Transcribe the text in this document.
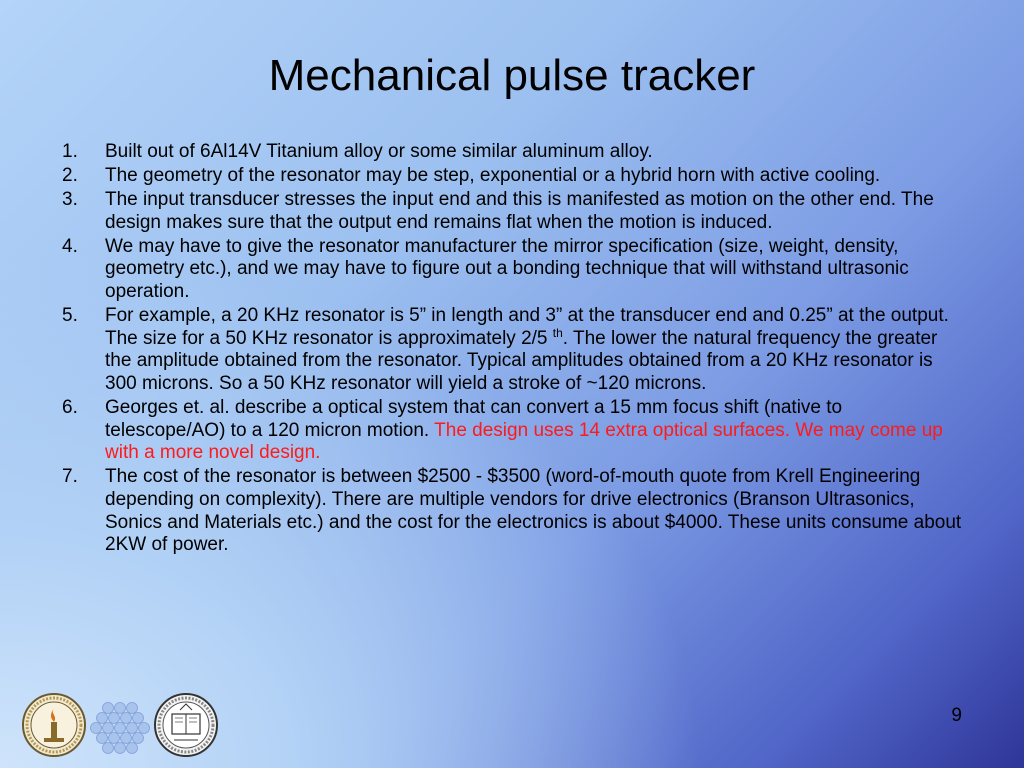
Mechanical pulse tracker
1. Built out of 6Al14V Titanium alloy or some similar aluminum alloy.
2. The geometry of the resonator may be step, exponential or a hybrid horn with active cooling.
3. The input transducer stresses the input end and this is manifested as motion on the other end. The design makes sure that the output end remains flat when the motion is induced.
4. We may have to give the resonator manufacturer the mirror specification (size, weight, density, geometry etc.), and we may have to figure out a bonding technique that will withstand ultrasonic operation.
5. For example, a 20 KHz resonator is 5” in length and 3” at the transducer end and 0.25” at the output. The size for a 50 KHz resonator is approximately 2/5 $^{th}$. The lower the natural frequency the greater the amplitude obtained from the resonator. Typical amplitudes obtained from a 20 KHz resonator is 300 microns. So a 50 KHz resonator will yield a stroke of ~120 microns.
6. Georges et. al. describe a optical system that can convert a 15 mm focus shift (native to telescope/AO) to a 120 micron motion. The design uses 14 extra optical surfaces. We may come up with a more novel design.
7. The cost of the resonator is between $2500 - $3500 (word-of-mouth quote from Krell Engineering depending on complexity). There are multiple vendors for drive electronics (Branson Ultrasonics, Sonics and Materials etc.) and the cost for the electronics is about $4000. These units consume about 2KW of power.
9
